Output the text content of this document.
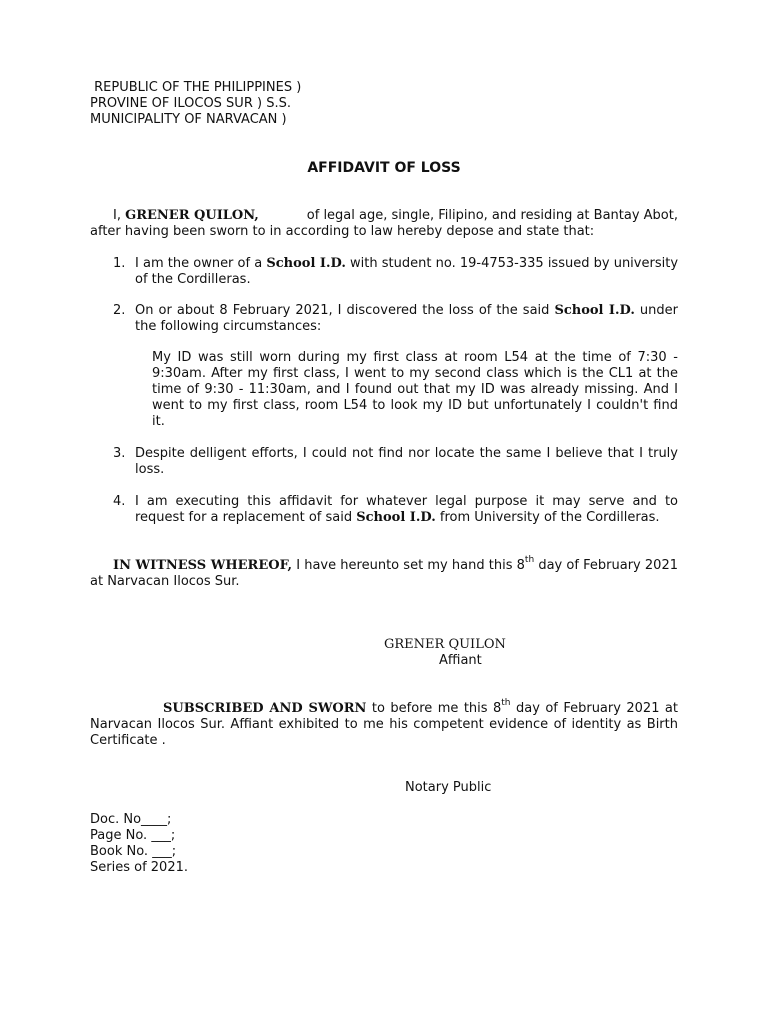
REPUBLIC OF THE PHILIPPINES )
PROVINE OF ILOCOS SUR ) S.S.
MUNICIPALITY OF NARVACAN )
AFFIDAVIT OF LOSS
I, GRENER QUILON,	of legal age, single, Filipino, and residing at Bantay Abot,
after having been sworn to in according to law hereby depose and state that:
1. I am the owner of a School I.D. with student no. 19-4753-335 issued by university of the Cordilleras.
2. On or about 8 February 2021, I discovered the loss of the said School I.D. under the following circumstances:
My ID was still worn during my first class at room L54 at the time of 7:30 - 9:30am. After my first class, I went to my second class which is the CL1 at the time of 9:30 - 11:30am, and I found out that my ID was already missing. And I went to my first class, room L54 to look my ID but unfortunately I couldn't find it.
3. Despite delligent efforts, I could not find nor locate the same I believe that I truly loss.
4. I am executing this affidavit for whatever legal purpose it may serve and to request for a replacement of said School I.D. from University of the Cordilleras.
IN WITNESS WHEREOF, I have hereunto set my hand this 8th day of February 2021 at Narvacan Ilocos Sur.
GRENER QUILON
Affiant
SUBSCRIBED AND SWORN to before me this 8th day of February 2021 at Narvacan Ilocos Sur. Affiant exhibited to me his competent evidence of identity as Birth Certificate .
Notary Public
Doc. No____;
Page No. ___;
Book No. ___;
Series of 2021.
